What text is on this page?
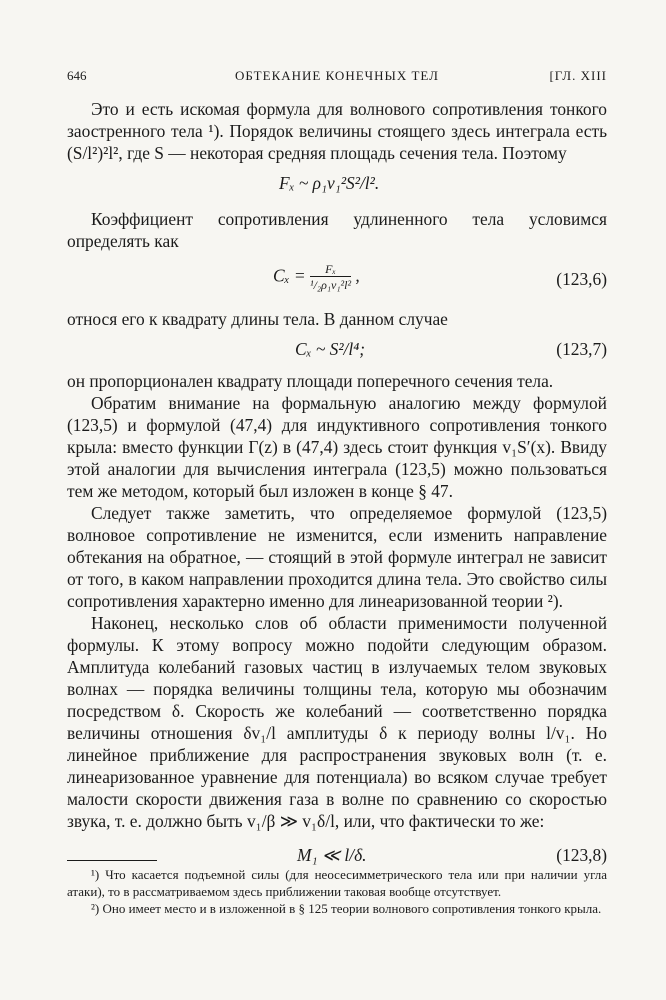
646	ОБТЕКАНИЕ КОНЕЧНЫХ ТЕЛ	[ГЛ. XIII

Это и есть искомая формула для волнового сопротивления тонкого заостренного тела ¹). Порядок величины стоящего здесь интеграла есть (S/l²)²l², где S — некоторая средняя площадь сечения тела. Поэтому

Fₓ ~ ρ₁v₁²S²/l².

Коэффициент сопротивления удлиненного тела условимся определять как

$C_x = \frac{\text{Fₓ}}{\text{¹/₂ρ₁v₁²l²}}$ ,	(123,6)

относя его к квадрату длины тела. В данном случае

Cₓ ~ S²/l⁴;	(123,7)

он пропорционален квадрату площади поперечного сечения тела.

Обратим внимание на формальную аналогию между формулой (123,5) и формулой (47,4) для индуктивного сопротивления тонкого крыла: вместо функции Γ(z) в (47,4) здесь стоит функция v₁S′(x). Ввиду этой аналогии для вычисления интеграла (123,5) можно пользоваться тем же методом, который был изложен в конце § 47.

Следует также заметить, что определяемое формулой (123,5) волновое сопротивление не изменится, если изменить направление обтекания на обратное, — стоящий в этой формуле интеграл не зависит от того, в каком направлении проходится длина тела. Это свойство силы сопротивления характерно именно для линеаризованной теории ²).

Наконец, несколько слов об области применимости полученной формулы. К этому вопросу можно подойти следующим образом. Амплитуда колебаний газовых частиц в излучаемых телом звуковых волнах — порядка величины толщины тела, которую мы обозначим посредством δ. Скорость же колебаний — соответственно порядка величины отношения δv₁/l амплитуды δ к периоду волны l/v₁. Но линейное приближение для распространения звуковых волн (т. е. линеаризованное уравнение для потенциала) во всяком случае требует малости скорости движения газа в волне по сравнению со скоростью звука, т. е. должно быть v₁/β ≫ v₁δ/l, или, что фактически то же:

M₁ ≪ l/δ.	(123,8)

¹) Что касается подъемной силы (для неосесимметрического тела или при наличии угла атаки), то в рассматриваемом здесь приближении таковая вообще отсутствует.

²) Оно имеет место и в изложенной в § 125 теории волнового сопротивления тонкого крыла.
